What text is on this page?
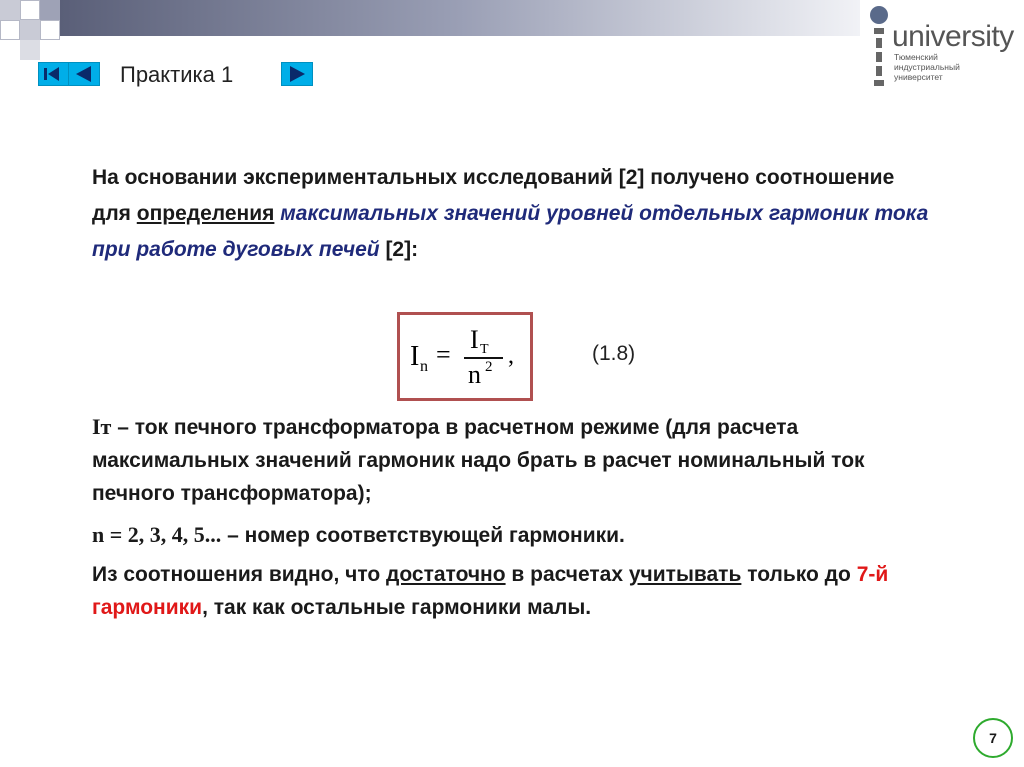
Практика 1
university
Тюменский
индустриальный
университет
На основании экспериментальных исследований [2] получено соотношение для определения максимальных значений уровней отдельных гармоник тока при работе дуговых печей [2]:
I n =
I T
n 2 ,	(1.8)
Iт – ток печного трансформатора в расчетном режиме (для расчета максимальных значений гармоник надо брать в расчет номинальный ток печного трансформатора);
n = 2, 3, 4, 5... – номер соответствующей гармоники.
Из соотношения видно, что достаточно в расчетах учитывать только до 7-й гармоники, так как остальные гармоники малы.
7
